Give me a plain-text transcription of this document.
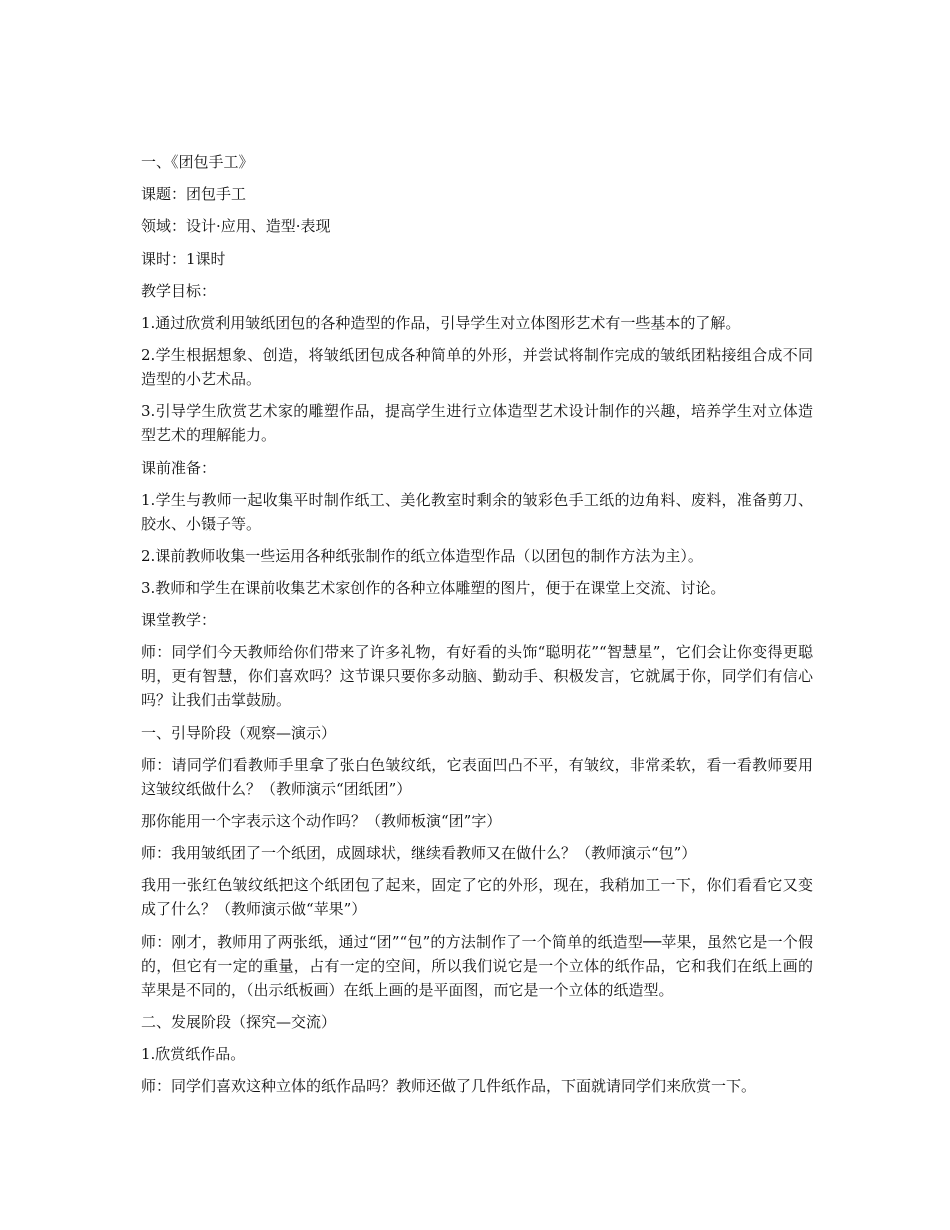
一、《团包手工》

课题：团包手工

领域：设计·应用、造型·表现

课时：1课时

教学目标：

1.通过欣赏利用皱纸团包的各种造型的作品，引导学生对立体图形艺术有一些基本的了解。

2.学生根据想象、创造，将皱纸团包成各种简单的外形，并尝试将制作完成的皱纸团粘接组合成不同造型的小艺术品。

3.引导学生欣赏艺术家的雕塑作品，提高学生进行立体造型艺术设计制作的兴趣，培养学生对立体造型艺术的理解能力。

课前准备：

1.学生与教师一起收集平时制作纸工、美化教室时剩余的皱彩色手工纸的边角料、废料，准备剪刀、胶水、小镊子等。

2.课前教师收集一些运用各种纸张制作的纸立体造型作品（以团包的制作方法为主）。

3.教师和学生在课前收集艺术家创作的各种立体雕塑的图片，便于在课堂上交流、讨论。

课堂教学：

师：同学们今天教师给你们带来了许多礼物，有好看的头饰“聪明花”“智慧星”，它们会让你变得更聪明，更有智慧，你们喜欢吗？这节课只要你多动脑、勤动手、积极发言，它就属于你，同学们有信心吗？让我们击掌鼓励。

一、引导阶段（观察—演示）

师：请同学们看教师手里拿了张白色皱纹纸，它表面凹凸不平，有皱纹，非常柔软，看一看教师要用这皱纹纸做什么？（教师演示“团纸团”）

那你能用一个字表示这个动作吗？（教师板演“团”字）

师：我用皱纸团了一个纸团，成圆球状，继续看教师又在做什么？（教师演示“包”）

我用一张红色皱纹纸把这个纸团包了起来，固定了它的外形，现在，我稍加工一下，你们看看它又变成了什么？（教师演示做“苹果”）

师：刚才，教师用了两张纸，通过“团”“包”的方法制作了一个简单的纸造型──苹果，虽然它是一个假的，但它有一定的重量，占有一定的空间，所以我们说它是一个立体的纸作品，它和我们在纸上画的苹果是不同的，（出示纸板画）在纸上画的是平面图，而它是一个立体的纸造型。

二、发展阶段（探究—交流）

1.欣赏纸作品。

师：同学们喜欢这种立体的纸作品吗？教师还做了几件纸作品，下面就请同学们来欣赏一下。
